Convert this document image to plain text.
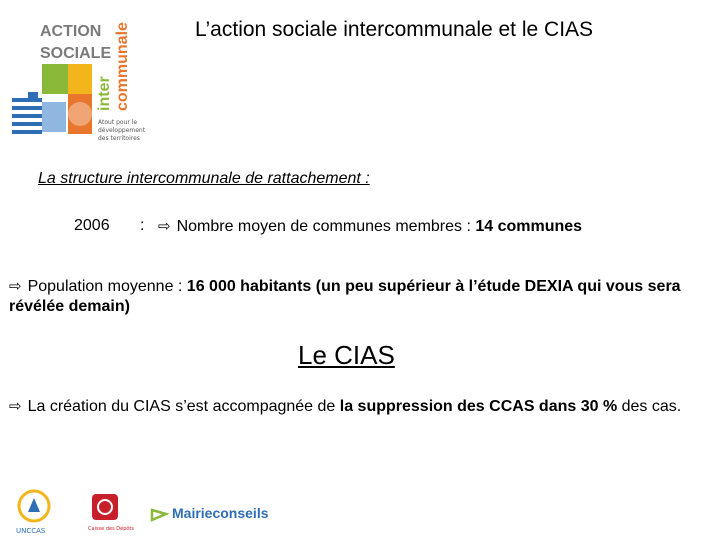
ACTION
SOCIALE
inter communale
Atout pour le
développement
des territoires
L’action sociale intercommunale et le CIAS
La structure intercommunale de rattachement :
2006 : ⇨ Nombre moyen de communes membres : 14 communes
⇨ Population moyenne : 16 000 habitants (un peu supérieur à l’étude DEXIA qui vous sera révélée demain)
Le CIAS
⇨ La création du CIAS s’est accompagnée de la suppression des CCAS dans 30 % des cas.
UNCCAS	Caisse des Dépôts
Mairieconseils
